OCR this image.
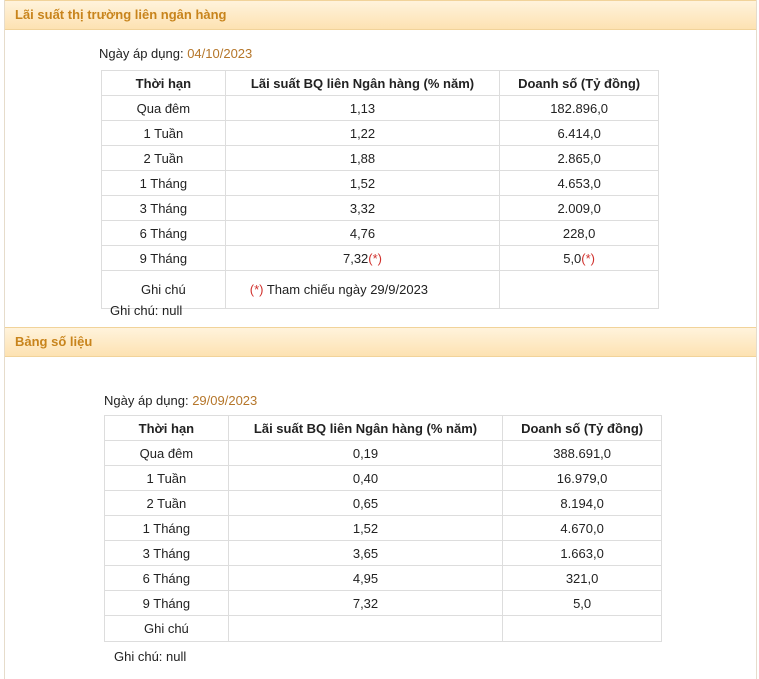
Lãi suất thị trường liên ngân hàng
Ngày áp dụng: 04/10/2023
Thời hạn	Lãi suất BQ liên Ngân hàng (% năm)	Doanh số (Tỷ đồng)
Qua đêm	1,13	182.896,0
1 Tuần	1,22	6.414,0
2 Tuần	1,88	2.865,0
1 Tháng	1,52	4.653,0
3 Tháng	3,32	2.009,0
6 Tháng	4,76	228,0
9 Tháng	7,32(*)	5,0(*)
Ghi chú	(*) Tham chiếu ngày 29/9/2023	
Ghi chú: null
Bảng số liệu
Ngày áp dụng: 29/09/2023
Thời hạn	Lãi suất BQ liên Ngân hàng (% năm)	Doanh số (Tỷ đồng)
Qua đêm	0,19	388.691,0
1 Tuần	0,40	16.979,0
2 Tuần	0,65	8.194,0
1 Tháng	1,52	4.670,0
3 Tháng	3,65	1.663,0
6 Tháng	4,95	321,0
9 Tháng	7,32	5,0
Ghi chú		
Ghi chú: null
